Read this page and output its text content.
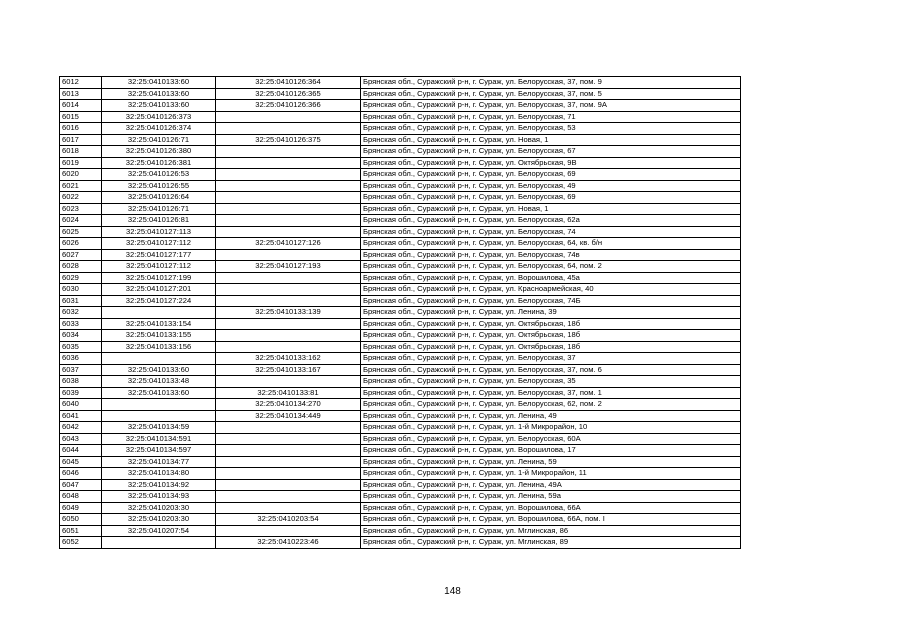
6012	32:25:0410133:60	32:25:0410126:364	Брянская обл., Суражский р-н, г. Сураж, ул. Белорусская, 37, пом. 9
6013	32:25:0410133:60	32:25:0410126:365	Брянская обл., Суражский р-н, г. Сураж, ул. Белорусская, 37, пом. 5
6014	32:25:0410133:60	32:25:0410126:366	Брянская обл., Суражский р-н, г. Сураж, ул. Белорусская, 37, пом. 9А
6015	32:25:0410126:373		Брянская обл., Суражский р-н, г. Сураж, ул. Белорусская, 71
6016	32:25:0410126:374		Брянская обл., Суражский р-н, г. Сураж, ул. Белорусская, 53
6017	32:25:0410126:71	32:25:0410126:375	Брянская обл., Суражский р-н, г. Сураж, ул. Новая, 1
6018	32:25:0410126:380		Брянская обл., Суражский р-н, г. Сураж, ул. Белорусская, 67
6019	32:25:0410126:381		Брянская обл., Суражский р-н, г. Сураж, ул. Октябрьская, 9В
6020	32:25:0410126:53		Брянская обл., Суражский р-н, г. Сураж, ул. Белорусская, 69
6021	32:25:0410126:55		Брянская обл., Суражский р-н, г. Сураж, ул. Белорусская, 49
6022	32:25:0410126:64		Брянская обл., Суражский р-н, г. Сураж, ул. Белорусская, 69
6023	32:25:0410126:71		Брянская обл., Суражский р-н, г. Сураж, ул. Новая, 1
6024	32:25:0410126:81		Брянская обл., Суражский р-н, г. Сураж, ул. Белорусская, 62а
6025	32:25:0410127:113		Брянская обл., Суражский р-н, г. Сураж, ул. Белорусская, 74
6026	32:25:0410127:112	32:25:0410127:126	Брянская обл., Суражский р-н, г. Сураж, ул. Белорусская, 64, кв. б/н
6027	32:25:0410127:177		Брянская обл., Суражский р-н, г. Сураж, ул. Белорусская, 74в
6028	32:25:0410127:112	32:25:0410127:193	Брянская обл., Суражский р-н, г. Сураж, ул. Белорусская, 64, пом. 2
6029	32:25:0410127:199		Брянская обл., Суражский р-н, г. Сураж, ул. Ворошилова, 45а
6030	32:25:0410127:201		Брянская обл., Суражский р-н, г. Сураж, ул. Красноармейская, 40
6031	32:25:0410127:224		Брянская обл., Суражский р-н, г. Сураж, ул. Белорусская, 74Б
6032		32:25:0410133:139	Брянская обл., Суражский р-н, г. Сураж, ул. Ленина, 39
6033	32:25:0410133:154		Брянская обл., Суражский р-н, г. Сураж, ул. Октябрьская, 18б
6034	32:25:0410133:155		Брянская обл., Суражский р-н, г. Сураж, ул. Октябрьская, 18б
6035	32:25:0410133:156		Брянская обл., Суражский р-н, г. Сураж, ул. Октябрьская, 18б
6036		32:25:0410133:162	Брянская обл., Суражский р-н, г. Сураж, ул. Белорусская, 37
6037	32:25:0410133:60	32:25:0410133:167	Брянская обл., Суражский р-н, г. Сураж, ул. Белорусская, 37, пом. 6
6038	32:25:0410133:48		Брянская обл., Суражский р-н, г. Сураж, ул. Белорусская, 35
6039	32:25:0410133:60	32:25:0410133:81	Брянская обл., Суражский р-н, г. Сураж, ул. Белорусская, 37, пом. 1
6040		32:25:0410134:270	Брянская обл., Суражский р-н, г. Сураж, ул. Белорусская, 62, пом. 2
6041		32:25:0410134:449	Брянская обл., Суражский р-н, г. Сураж, ул. Ленина, 49
6042	32:25:0410134:59		Брянская обл., Суражский р-н, г. Сураж, ул. 1-й Микрорайон, 10
6043	32:25:0410134:591		Брянская обл., Суражский р-н, г. Сураж, ул. Белорусская, 60А
6044	32:25:0410134:597		Брянская обл., Суражский р-н, г. Сураж, ул. Ворошилова, 17
6045	32:25:0410134:77		Брянская обл., Суражский р-н, г. Сураж, ул. Ленина, 59
6046	32:25:0410134:80		Брянская обл., Суражский р-н, г. Сураж, ул. 1-й Микрорайон, 11
6047	32:25:0410134:92		Брянская обл., Суражский р-н, г. Сураж, ул. Ленина, 49А
6048	32:25:0410134:93		Брянская обл., Суражский р-н, г. Сураж, ул. Ленина, 59а
6049	32:25:0410203:30		Брянская обл., Суражский р-н, г. Сураж, ул. Ворошилова, 66А
6050	32:25:0410203:30	32:25:0410203:54	Брянская обл., Суражский р-н, г. Сураж, ул. Ворошилова, 66А, пом. I
6051	32:25:0410207:54		Брянская обл., Суражский р-н, г. Сураж, ул. Мглинская, 86
6052		32:25:0410223:46	Брянская обл., Суражский р-н, г. Сураж, ул. Мглинская, 89
148
